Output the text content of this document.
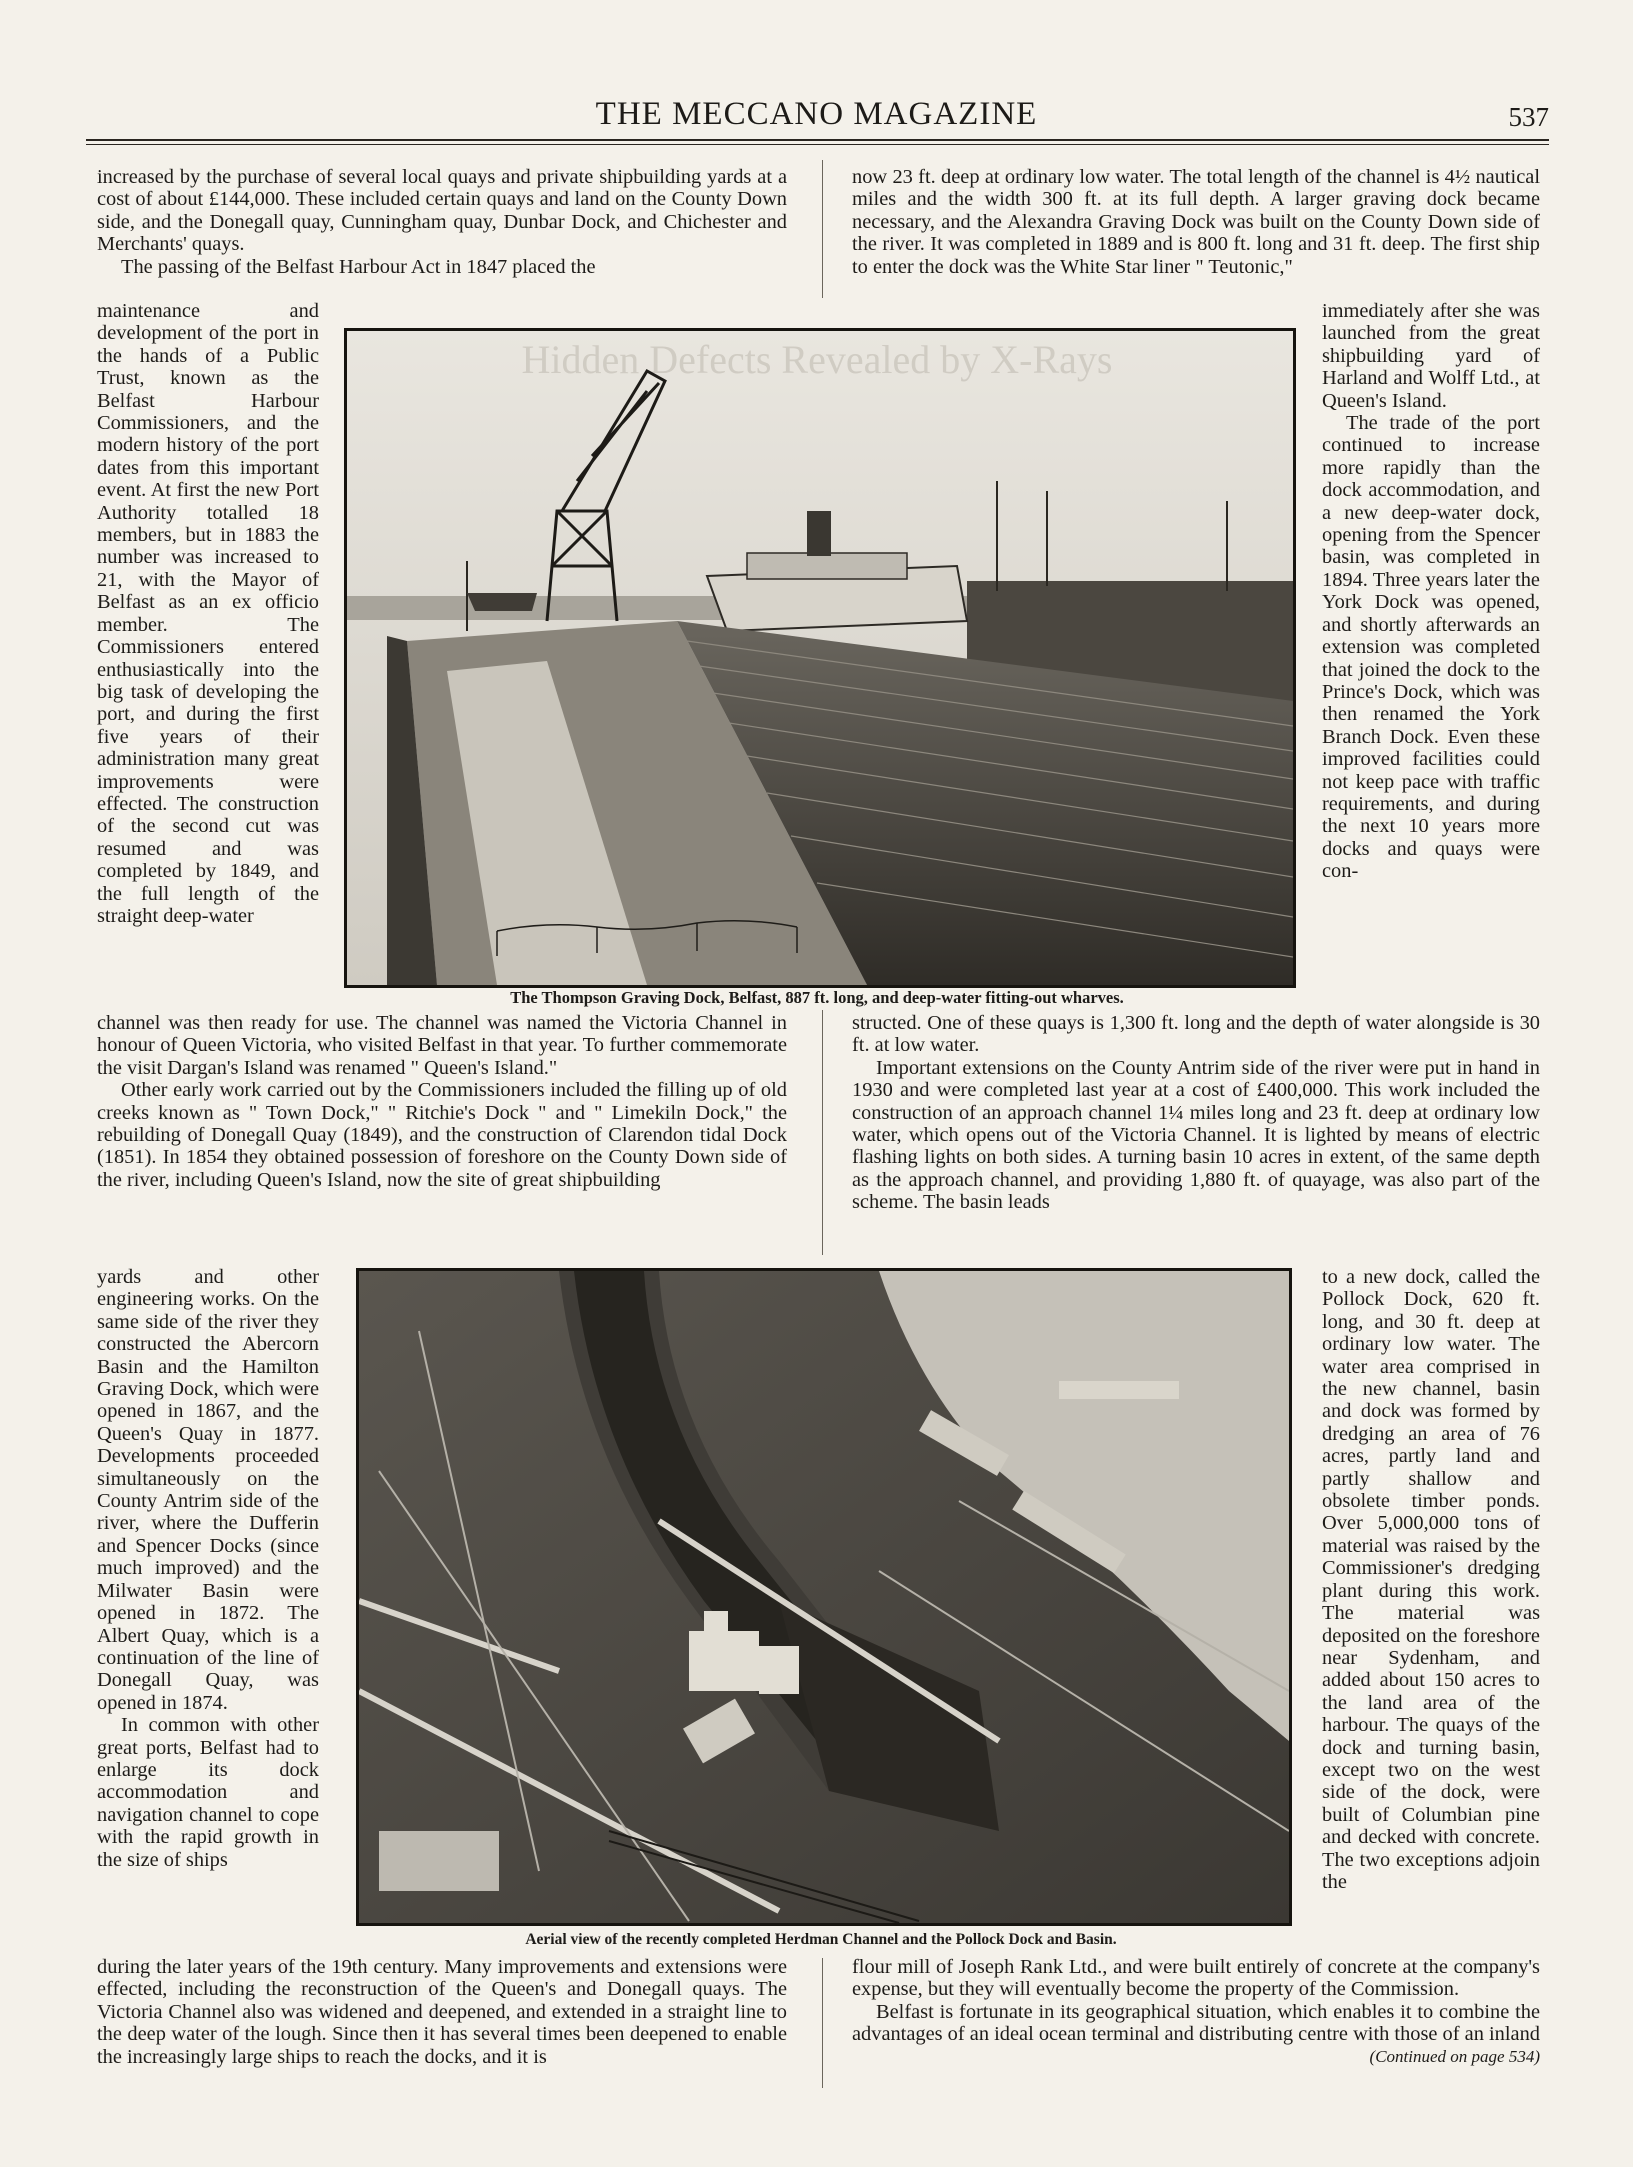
THE MECCANO MAGAZINE	537

increased by the purchase of several local quays and private shipbuilding yards at a cost of about £144,000. These included certain quays and land on the County Down side, and the Donegall quay, Cunningham quay, Dunbar Dock, and Chichester and Merchants' quays.

The passing of the Belfast Harbour Act in 1847 placed the

maintenance and development of the port in the hands of a Public Trust, known as the Belfast Harbour Commissioners, and the modern history of the port dates from this important event. At first the new Port Authority totalled 18 members, but in 1883 the number was increased to 21, with the Mayor of Belfast as an ex officio member. The Commissioners entered enthusiastically into the big task of developing the port, and during the first five years of their administration many great improvements were effected. The construction of the second cut was resumed and was completed by 1849, and the full length of the straight deep-water

channel was then ready for use. The channel was named the Victoria Channel in honour of Queen Victoria, who visited Belfast in that year. To further commemorate the visit Dargan's Island was renamed " Queen's Island."

Other early work carried out by the Commissioners included the filling up of old creeks known as " Town Dock," " Ritchie's Dock " and " Limekiln Dock," the rebuilding of Donegall Quay (1849), and the construction of Clarendon tidal Dock (1851). In 1854 they obtained possession of foreshore on the County Down side of the river, including Queen's Island, now the site of great shipbuilding

yards and other engineering works. On the same side of the river they constructed the Abercorn Basin and the Hamilton Graving Dock, which were opened in 1867, and the Queen's Quay in 1877. Developments proceeded simultaneously on the County Antrim side of the river, where the Dufferin and Spencer Docks (since much improved) and the Milwater Basin were opened in 1872. The Albert Quay, which is a continuation of the line of Donegall Quay, was opened in 1874.

In common with other great ports, Belfast had to enlarge its dock accommodation and navigation channel to cope with the rapid growth in the size of ships

during the later years of the 19th century. Many improvements and extensions were effected, including the reconstruction of the Queen's and Donegall quays. The Victoria Channel also was widened and deepened, and extended in a straight line to the deep water of the lough. Since then it has several times been deepened to enable the increasingly large ships to reach the docks, and it is

now 23 ft. deep at ordinary low water. The total length of the channel is 4½ nautical miles and the width 300 ft. at its full depth. A larger graving dock became necessary, and the Alexandra Graving Dock was built on the County Down side of the river. It was completed in 1889 and is 800 ft. long and 31 ft. deep. The first ship to enter the dock was the White Star liner " Teutonic,"

immediately after she was launched from the great shipbuilding yard of Harland and Wolff Ltd., at Queen's Island.

The trade of the port continued to increase more rapidly than the dock accommodation, and a new deep-water dock, opening from the Spencer basin, was completed in 1894. Three years later the York Dock was opened, and shortly afterwards an extension was completed that joined the dock to the Prince's Dock, which was then renamed the York Branch Dock. Even these improved facilities could not keep pace with traffic requirements, and during the next 10 years more docks and quays were con-

structed. One of these quays is 1,300 ft. long and the depth of water alongside is 30 ft. at low water.

Important extensions on the County Antrim side of the river were put in hand in 1930 and were completed last year at a cost of £400,000. This work included the construction of an approach channel 1¼ miles long and 23 ft. deep at ordinary low water, which opens out of the Victoria Channel. It is lighted by means of electric flashing lights on both sides. A turning basin 10 acres in extent, of the same depth as the approach channel, and providing 1,880 ft. of quayage, was also part of the scheme. The basin leads

to a new dock, called the Pollock Dock, 620 ft. long, and 30 ft. deep at ordinary low water. The water area comprised in the new channel, basin and dock was formed by dredging an area of 76 acres, partly land and partly shallow and obsolete timber ponds. Over 5,000,000 tons of material was raised by the Commissioner's dredging plant during this work. The material was deposited on the foreshore near Sydenham, and added about 150 acres to the land area of the harbour. The quays of the dock and turning basin, except two on the west side of the dock, were built of Columbian pine and decked with concrete. The two exceptions adjoin the

flour mill of Joseph Rank Ltd., and were built entirely of concrete at the company's expense, but they will eventually become the property of the Commission.

Belfast is fortunate in its geographical situation, which enables it to combine the advantages of an ideal ocean terminal and distributing centre with those of an inland
(Continued on page 534)

Hidden Defects Revealed by X-Rays
The Thompson Graving Dock, Belfast, 887 ft. long, and deep-water fitting-out wharves.
Aerial view of the recently completed Herdman Channel and the Pollock Dock and Basin.
